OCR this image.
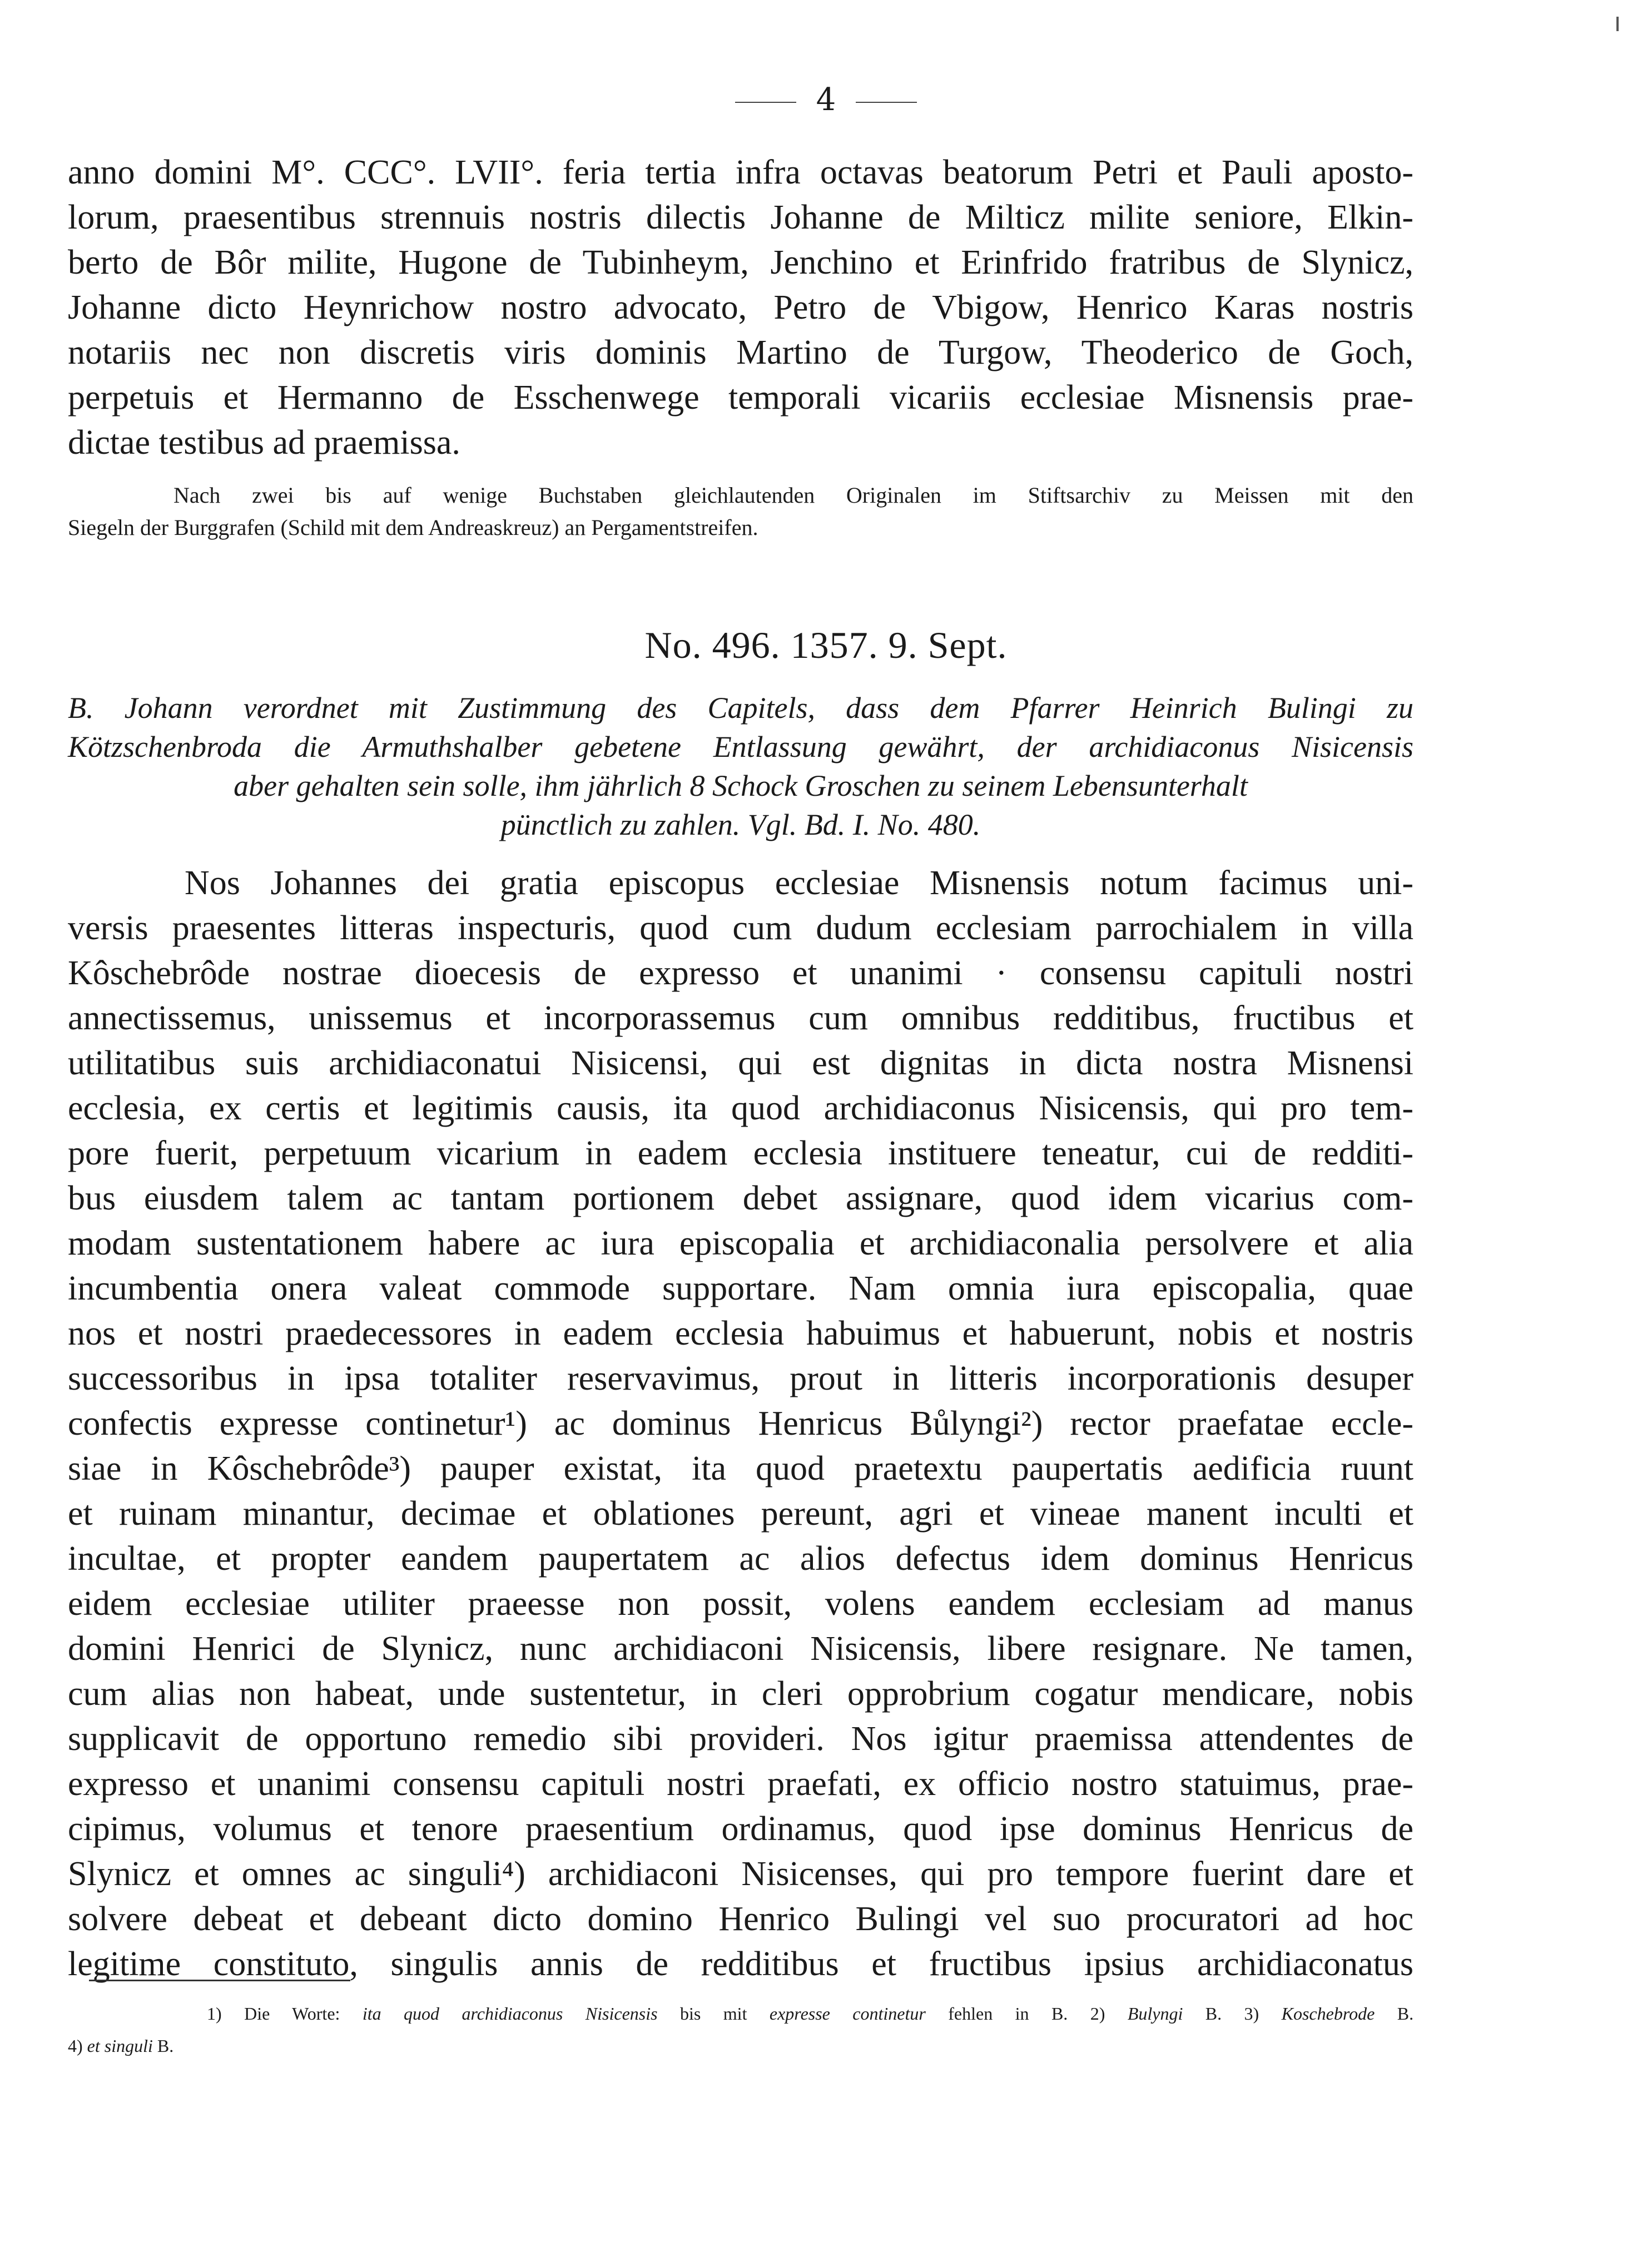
4

anno domini M°. CCC°. LVII°. feria tertia infra octavas beatorum Petri et Pauli aposto-

lorum, praesentibus strennuis nostris dilectis Johanne de Milticz milite seniore, Elkin-

berto de Bôr milite, Hugone de Tubinheym, Jenchino et Erinfrido fratribus de Slynicz,

Johanne dicto Heynrichow nostro advocato, Petro de Vbigow, Henrico Karas nostris

notariis nec non discretis viris dominis Martino de Turgow, Theoderico de Goch,

perpetuis et Hermanno de Esschenwege temporali vicariis ecclesiae Misnensis prae-

dictae testibus ad praemissa.

Nach zwei bis auf wenige Buchstaben gleichlautenden Originalen im Stiftsarchiv zu Meissen mit den

Siegeln der Burggrafen (Schild mit dem Andreaskreuz) an Pergamentstreifen.

No. 496. 1357. 9. Sept.

B. Johann verordnet mit Zustimmung des Capitels, dass dem Pfarrer Heinrich Bulingi zu

Kötzschenbroda die Armuthshalber gebetene Entlassung gewährt, der archidiaconus Nisicensis

aber gehalten sein solle, ihm jährlich 8 Schock Groschen zu seinem Lebensunterhalt

pünctlich zu zahlen. Vgl. Bd. I. No. 480.

Nos Johannes dei gratia episcopus ecclesiae Misnensis notum facimus uni-

versis praesentes litteras inspecturis, quod cum dudum ecclesiam parrochialem in villa

Kôschebrôde nostrae dioecesis de expresso et unanimi · consensu capituli nostri

annectissemus, unissemus et incorporassemus cum omnibus redditibus, fructibus et

utilitatibus suis archidiaconatui Nisicensi, qui est dignitas in dicta nostra Misnensi

ecclesia, ex certis et legitimis causis, ita quod archidiaconus Nisicensis, qui pro tem-

pore fuerit, perpetuum vicarium in eadem ecclesia instituere teneatur, cui de redditi-

bus eiusdem talem ac tantam portionem debet assignare, quod idem vicarius com-

modam sustentationem habere ac iura episcopalia et archidiaconalia persolvere et alia

incumbentia onera valeat commode supportare. Nam omnia iura episcopalia, quae

nos et nostri praedecessores in eadem ecclesia habuimus et habuerunt, nobis et nostris

successoribus in ipsa totaliter reservavimus, prout in litteris incorporationis desuper

confectis expresse continetur¹) ac dominus Henricus Bůlyngi²) rector praefatae eccle-

siae in Kôschebrôde³) pauper existat, ita quod praetextu paupertatis aedificia ruunt

et ruinam minantur, decimae et oblationes pereunt, agri et vineae manent inculti et

incultae, et propter eandem paupertatem ac alios defectus idem dominus Henricus

eidem ecclesiae utiliter praeesse non possit, volens eandem ecclesiam ad manus

domini Henrici de Slynicz, nunc archidiaconi Nisicensis, libere resignare. Ne tamen,

cum alias non habeat, unde sustentetur, in cleri opprobrium cogatur mendicare, nobis

supplicavit de opportuno remedio sibi provideri. Nos igitur praemissa attendentes de

expresso et unanimi consensu capituli nostri praefati, ex officio nostro statuimus, prae-

cipimus, volumus et tenore praesentium ordinamus, quod ipse dominus Henricus de

Slynicz et omnes ac singuli⁴) archidiaconi Nisicenses, qui pro tempore fuerint dare et

solvere debeat et debeant dicto domino Henrico Bulingi vel suo procuratori ad hoc

legitime constituto, singulis annis de redditibus et fructibus ipsius archidiaconatus

1) Die Worte: ita quod archidiaconus Nisicensis bis mit expresse continetur fehlen in B. 2) Bulyngi B. 3) Koschebrode B.

4) et singuli B.
